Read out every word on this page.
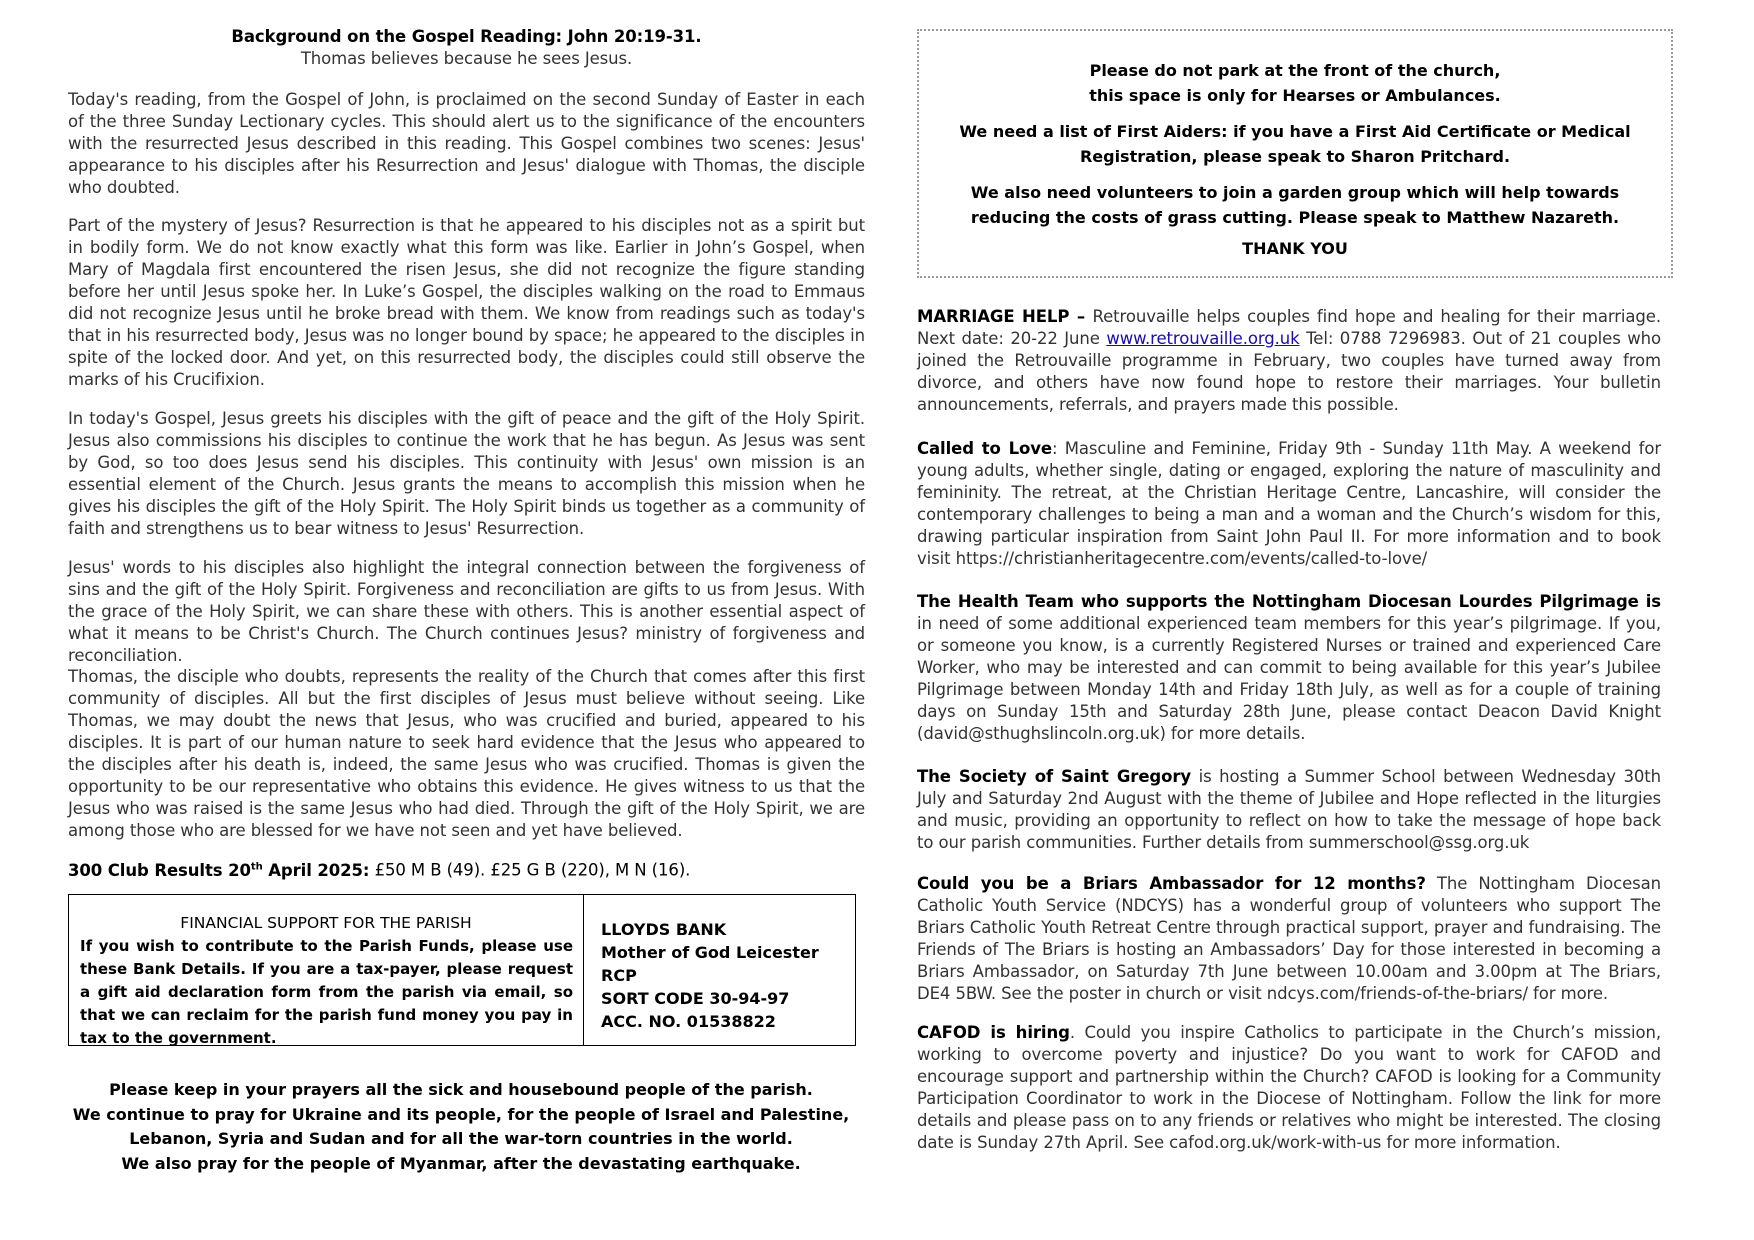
Background on the Gospel Reading: John 20:19-31.

Thomas believes because he sees Jesus.

Today's reading, from the Gospel of John, is proclaimed on the second Sunday of Easter in each of the three Sunday Lectionary cycles. This should alert us to the significance of the encounters with the resurrected Jesus described in this reading. This Gospel combines two scenes: Jesus' appearance to his disciples after his Resurrection and Jesus' dialogue with Thomas, the disciple who doubted.

Part of the mystery of Jesus? Resurrection is that he appeared to his disciples not as a spirit but in bodily form. We do not know exactly what this form was like. Earlier in John’s Gospel, when Mary of Magdala first encountered the risen Jesus, she did not recognize the figure standing before her until Jesus spoke her. In Luke’s Gospel, the disciples walking on the road to Emmaus did not recognize Jesus until he broke bread with them. We know from readings such as today's that in his resurrected body, Jesus was no longer bound by space; he appeared to the disciples in spite of the locked door. And yet, on this resurrected body, the disciples could still observe the marks of his Crucifixion.

In today's Gospel, Jesus greets his disciples with the gift of peace and the gift of the Holy Spirit. Jesus also commissions his disciples to continue the work that he has begun. As Jesus was sent by God, so too does Jesus send his disciples. This continuity with Jesus' own mission is an essential element of the Church. Jesus grants the means to accomplish this mission when he gives his disciples the gift of the Holy Spirit. The Holy Spirit binds us together as a community of faith and strengthens us to bear witness to Jesus' Resurrection.

Jesus' words to his disciples also highlight the integral connection between the forgiveness of sins and the gift of the Holy Spirit. Forgiveness and reconciliation are gifts to us from Jesus. With the grace of the Holy Spirit, we can share these with others. This is another essential aspect of what it means to be Christ's Church. The Church continues Jesus? ministry of forgiveness and reconciliation.

Thomas, the disciple who doubts, represents the reality of the Church that comes after this first community of disciples. All but the first disciples of Jesus must believe without seeing. Like Thomas, we may doubt the news that Jesus, who was crucified and buried, appeared to his disciples. It is part of our human nature to seek hard evidence that the Jesus who appeared to the disciples after his death is, indeed, the same Jesus who was crucified. Thomas is given the opportunity to be our representative who obtains this evidence. He gives witness to us that the Jesus who was raised is the same Jesus who had died. Through the gift of the Holy Spirit, we are among those who are blessed for we have not seen and yet have believed.

300 Club Results 20th April 2025: £50 M B (49). £25 G B (220), M N (16).

FINANCIAL SUPPORT FOR THE PARISH

If you wish to contribute to the Parish Funds, please use these Bank Details. If you are a tax-payer, please request a gift aid declaration form from the parish via email, so that we can reclaim for the parish fund money you pay in tax to the government.

LLOYDS BANK
Mother of God Leicester RCP
SORT CODE 30-94-97
ACC. NO. 01538822
Please keep in your prayers all the sick and housebound people of the parish.
We continue to pray for Ukraine and its people, for the people of Israel and Palestine,
Lebanon, Syria and Sudan and for all the war-torn countries in the world.
We also pray for the people of Myanmar, after the devastating earthquake.
Please do not park at the front of the church,
this space is only for Hearses or Ambulances.
We need a list of First Aiders: if you have a First Aid Certificate or Medical Registration, please speak to Sharon Pritchard.
We also need volunteers to join a garden group which will help towards reducing the costs of grass cutting. Please speak to Matthew Nazareth.
THANK YOU

MARRIAGE HELP – Retrouvaille helps couples find hope and healing for their marriage. Next date: 20-22 June www.retrouvaille.org.uk Tel: 0788 7296983. Out of 21 couples who joined the Retrouvaille programme in February, two couples have turned away from divorce, and others have now found hope to restore their marriages. Your bulletin announcements, referrals, and prayers made this possible.

Called to Love: Masculine and Feminine, Friday 9th - Sunday 11th May. A weekend for young adults, whether single, dating or engaged, exploring the nature of masculinity and femininity. The retreat, at the Christian Heritage Centre, Lancashire, will consider the contemporary challenges to being a man and a woman and the Church’s wisdom for this, drawing particular inspiration from Saint John Paul II. For more information and to book visit https://christianheritagecentre.com/events/called-to-love/

The Health Team who supports the Nottingham Diocesan Lourdes Pilgrimage is in need of some additional experienced team members for this year’s pilgrimage. If you, or someone you know, is a currently Registered Nurses or trained and experienced Care Worker, who may be interested and can commit to being available for this year’s Jubilee Pilgrimage between Monday 14th and Friday 18th July, as well as for a couple of training days on Sunday 15th and Saturday 28th June, please contact Deacon David Knight (david@sthughslincoln.org.uk) for more details.

The Society of Saint Gregory is hosting a Summer School between Wednesday 30th July and Saturday 2nd August with the theme of Jubilee and Hope reflected in the liturgies and music, providing an opportunity to reflect on how to take the message of hope back to our parish communities. Further details from summerschool@ssg.org.uk

Could you be a Briars Ambassador for 12 months? The Nottingham Diocesan Catholic Youth Service (NDCYS) has a wonderful group of volunteers who support The Briars Catholic Youth Retreat Centre through practical support, prayer and fundraising. The Friends of The Briars is hosting an Ambassadors’ Day for those interested in becoming a Briars Ambassador, on Saturday 7th June between 10.00am and 3.00pm at The Briars, DE4 5BW. See the poster in church or visit ndcys.com/friends-of-the-briars/ for more.

CAFOD is hiring. Could you inspire Catholics to participate in the Church’s mission, working to overcome poverty and injustice? Do you want to work for CAFOD and encourage support and partnership within the Church? CAFOD is looking for a Community Participation Coordinator to work in the Diocese of Nottingham. Follow the link for more details and please pass on to any friends or relatives who might be interested. The closing date is Sunday 27th April. See cafod.org.uk/work-with-us for more information.
